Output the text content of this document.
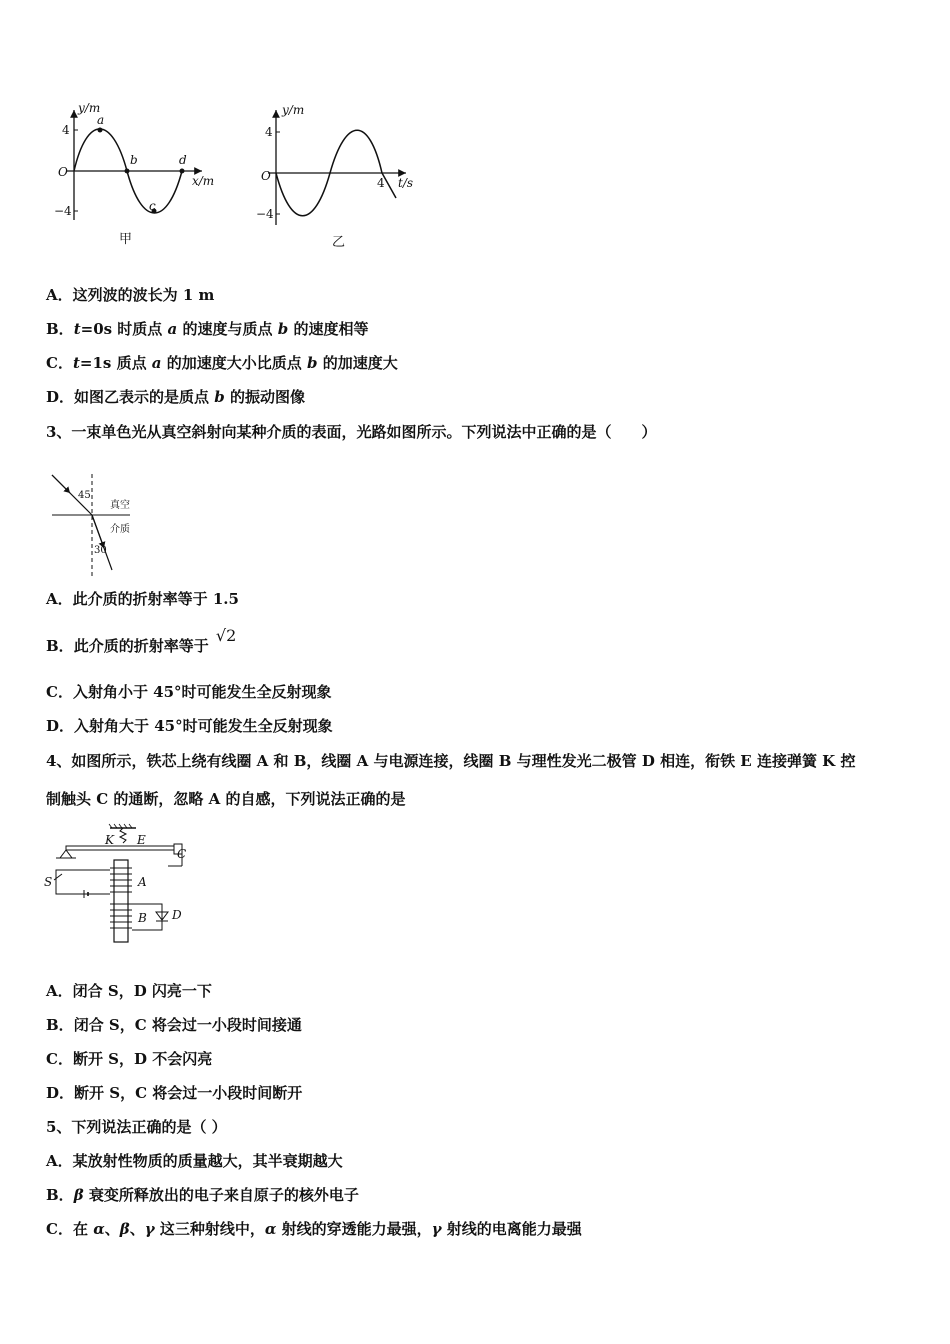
y/m
x/m
4
−4
O
a
b
c
d
甲
y/m
t/s
4
−4
4
O
乙
A．这列波的波长为 1 m
B．t=0s 时质点 a 的速度与质点 b 的速度相等
C．t=1s 质点 a 的加速度大小比质点 b 的加速度大
D．如图乙表示的是质点 b 的振动图像
3、一束单色光从真空斜射向某种介质的表面，光路如图所示。下列说法中正确的是（　　）
45
30
真空
介质
A．此介质的折射率等于 1.5
B．此介质的折射率等于 √2
C．入射角小于 45°时可能发生全反射现象
D．入射角大于 45°时可能发生全反射现象
4、如图所示，铁芯上绕有线圈 A 和 B，线圈 A 与电源连接，线圈 B 与理性发光二极管 D 相连，衔铁 E 连接弹簧 K 控
制触头 C 的通断，忽略 A 的自感，下列说法正确的是
K E
C
S	A
B D
A．闭合 S，D 闪亮一下
B．闭合 S，C 将会过一小段时间接通
C．断开 S，D 不会闪亮
D．断开 S，C 将会过一小段时间断开
5、下列说法正确的是（ ）
A．某放射性物质的质量越大，其半衰期越大
B．β 衰变所释放出的电子来自原子的核外电子
C．在 α、β、γ 这三种射线中，α 射线的穿透能力最强，γ 射线的电离能力最强
